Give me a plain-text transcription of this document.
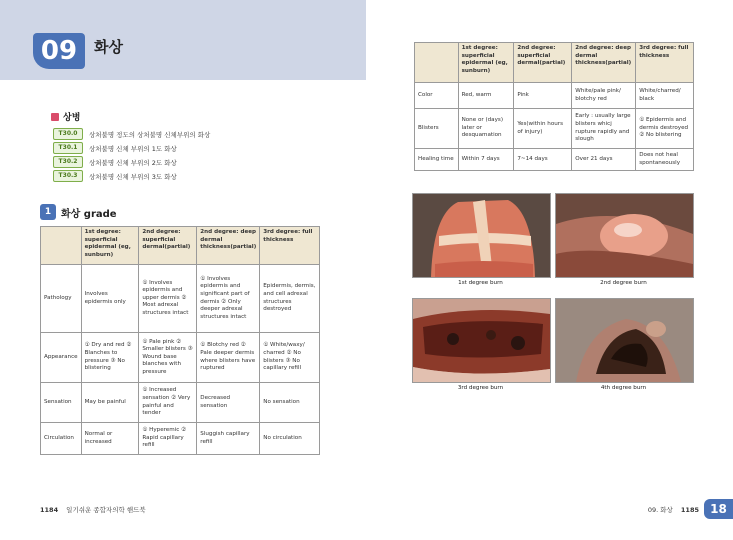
09	화상
상병
T30.0	상처불명 정도의 상처불명 신체부위의 화상
T30.1	상처불명 신체 부위의 1도 화상
T30.2	상처불명 신체 부위의 2도 화상
T30.3	상처불명 신체 부위의 3도 화상
1 화상 grade
	1st degree: superficial epidermal (eg, sunburn)	2nd degree: superficial dermal(partial)	2nd degree: deep dermal thickness(partial)	3rd degree: full thickness
Pathology	Involves epidermis only	① Involves epidermis and upper dermis ② Most adrexal structures intact	① Involves epidermis and significant part of dermis ② Only deeper adrexal structures intact	Epidermis, dermis, and cell adrexal structures destroyed
Appearance	① Dry and red ② Blanches to pressure ③ No blistering	① Pale pink ② Smaller blisters ③ Wound base blanches with pressure	① Blotchy red ② Pale deeper dermis where blisters have ruptured	① White/waxy/ charred ② No blisters ③ No capillary refill
Sensation	May be painful	① Increased sensation ② Very painful and tender	Decreased sensation	No sensation
Circulation	Normal or increased	① Hyperemic ② Rapid capillary refill	Sluggish capillary refill	No circulation
	1st degree: superficial epidermal (eg, sunburn)	2nd degree: superficial dermal(partial)	2nd degree: deep dermal thickness(partial)	3rd degree: full thickness
Color	Red, warm	Pink	White/pale pink/ blotchy red	White/charred/ black
Blisters	None or (days) later or desquamation	Yes(within hours of injury)	Early : usually large blisters whicj rupture rapidly and slough	① Epidermis and dermis destroyed ② No blistering
Healing time	Within 7 days	7~14 days	Over 21 days	Does not heal spontaneously
1st degree burn	2nd degree burn
3rd degree burn	4th degree burn
1184 일기쉬운 종합자의학 핸드북	09. 화상 1185 18
